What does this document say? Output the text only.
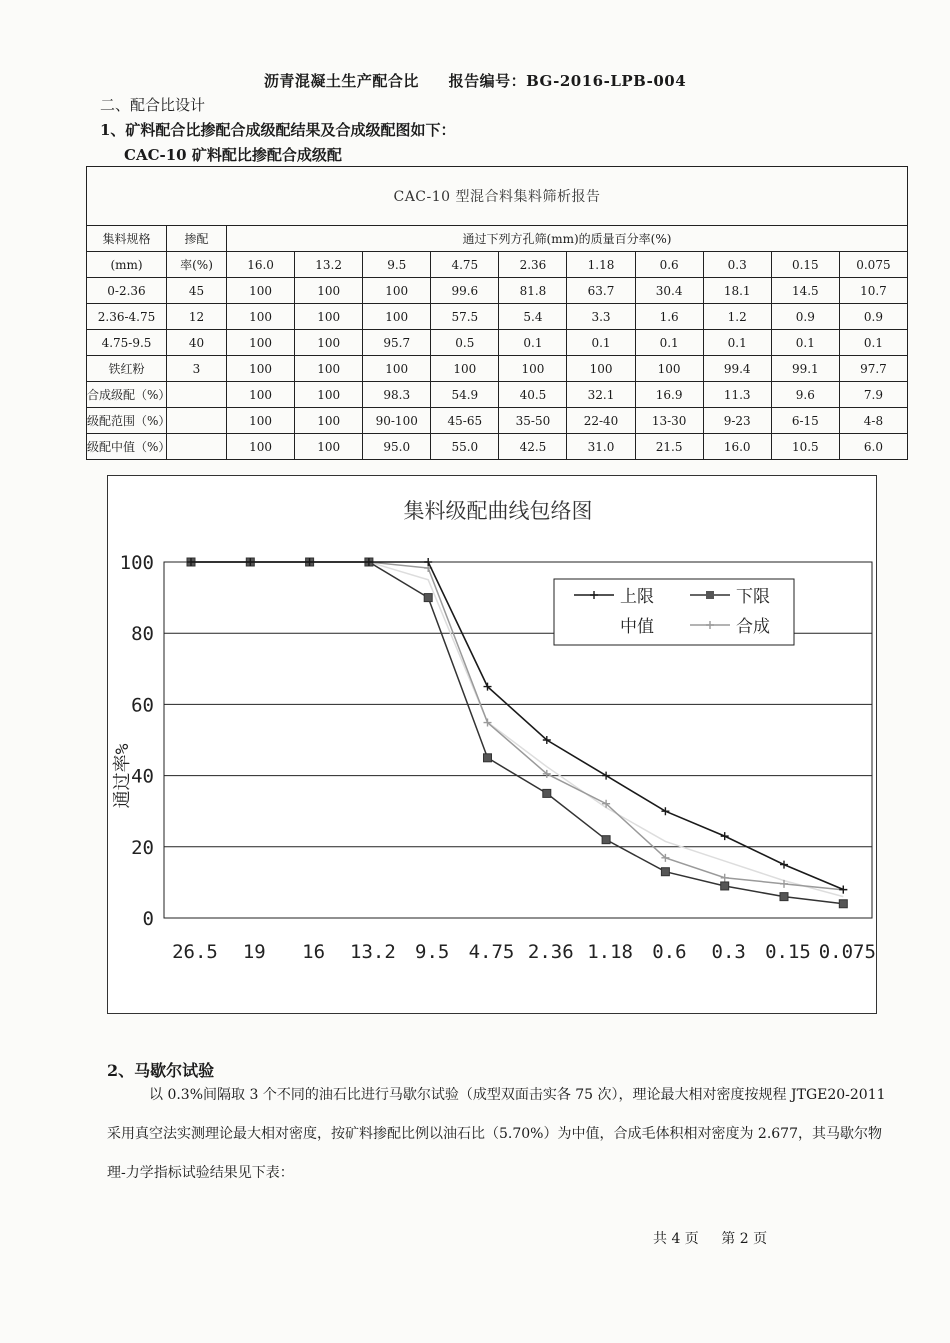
沥青混凝土生产配合比 报告编号：BG-2016-LPB-004
二、配合比设计
1、矿料配合比掺配合成级配结果及合成级配图如下：
CAC-10 矿料配比掺配合成级配
CAC-10 型混合料集料筛析报告											
集料规格	掺配	通过下列方孔筛(mm)的质量百分率(%)									
(mm)	率(%)	16.0	13.2	9.5	4.75	2.36	1.18	0.6	0.3	0.15	0.075
0-2.36	45	100	100	100	99.6	81.8	63.7	30.4	18.1	14.5	10.7
2.36-4.75	12	100	100	100	57.5	5.4	3.3	1.6	1.2	0.9	0.9
4.75-9.5	40	100	100	95.7	0.5	0.1	0.1	0.1	0.1	0.1	0.1
铁红粉	3	100	100	100	100	100	100	100	99.4	99.1	97.7
合成级配（%）		100	100	98.3	54.9	40.5	32.1	16.9	11.3	9.6	7.9
级配范围（%）		100	100	90-100	45-65	35-50	22-40	13-30	9-23	6-15	4-8
级配中值（%）		100	100	95.0	55.0	42.5	31.0	21.5	16.0	10.5	6.0
集料级配曲线包络图
0
20
40
60
80
100
26.5 19 16 13.2 9.5 4.75 2.36 1.18 0.6 0.3 0.15 0.075
通过率%
上限	下限
中值	合成
2、马歇尔试验
以 0.3%间隔取 3 个不同的油石比进行马歇尔试验（成型双面击实各 75 次），理论最大相对密度按规程 JTGE20-2011 采用真空法实测理论最大相对密度，按矿料掺配比例以油石比（5.70%）为中值，合成毛体积相对密度为 2.677，其马歇尔物理-力学指标试验结果见下表：
共 4 页 第 2 页
